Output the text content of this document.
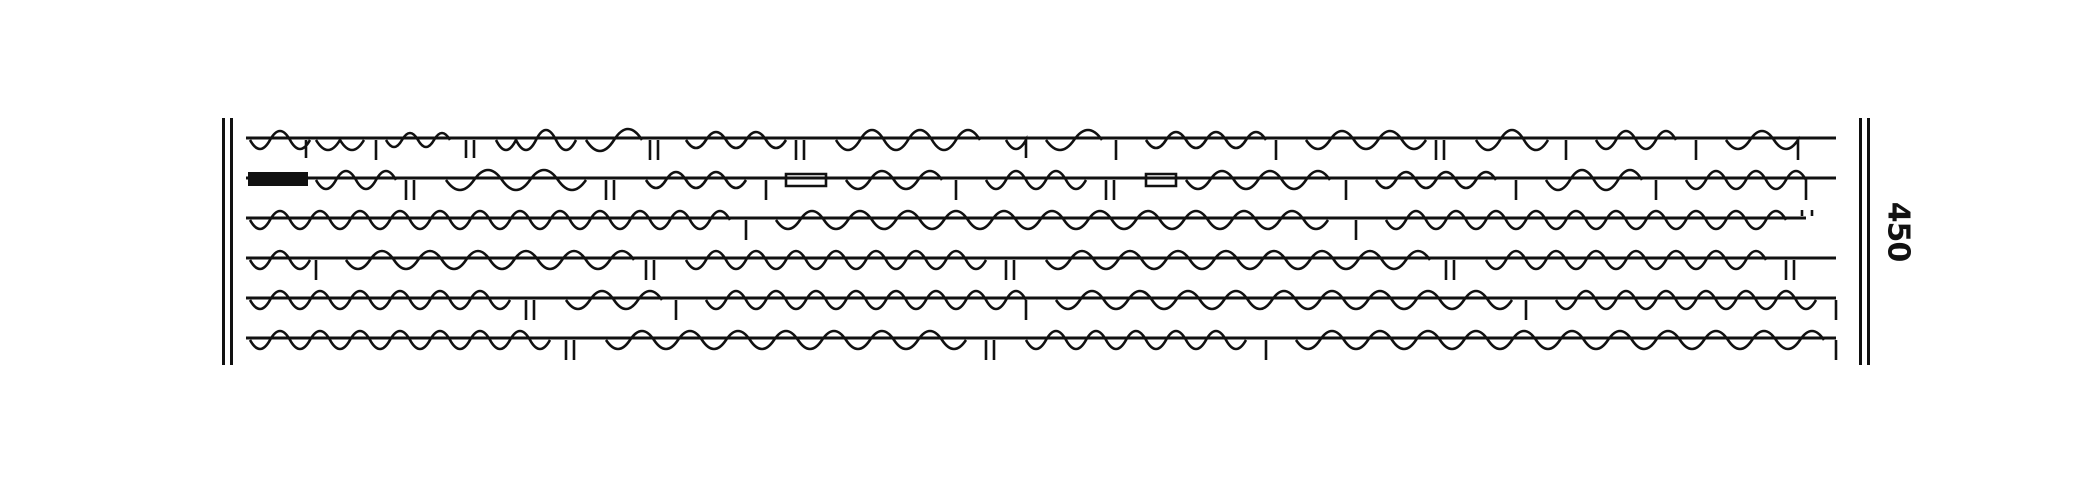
450
